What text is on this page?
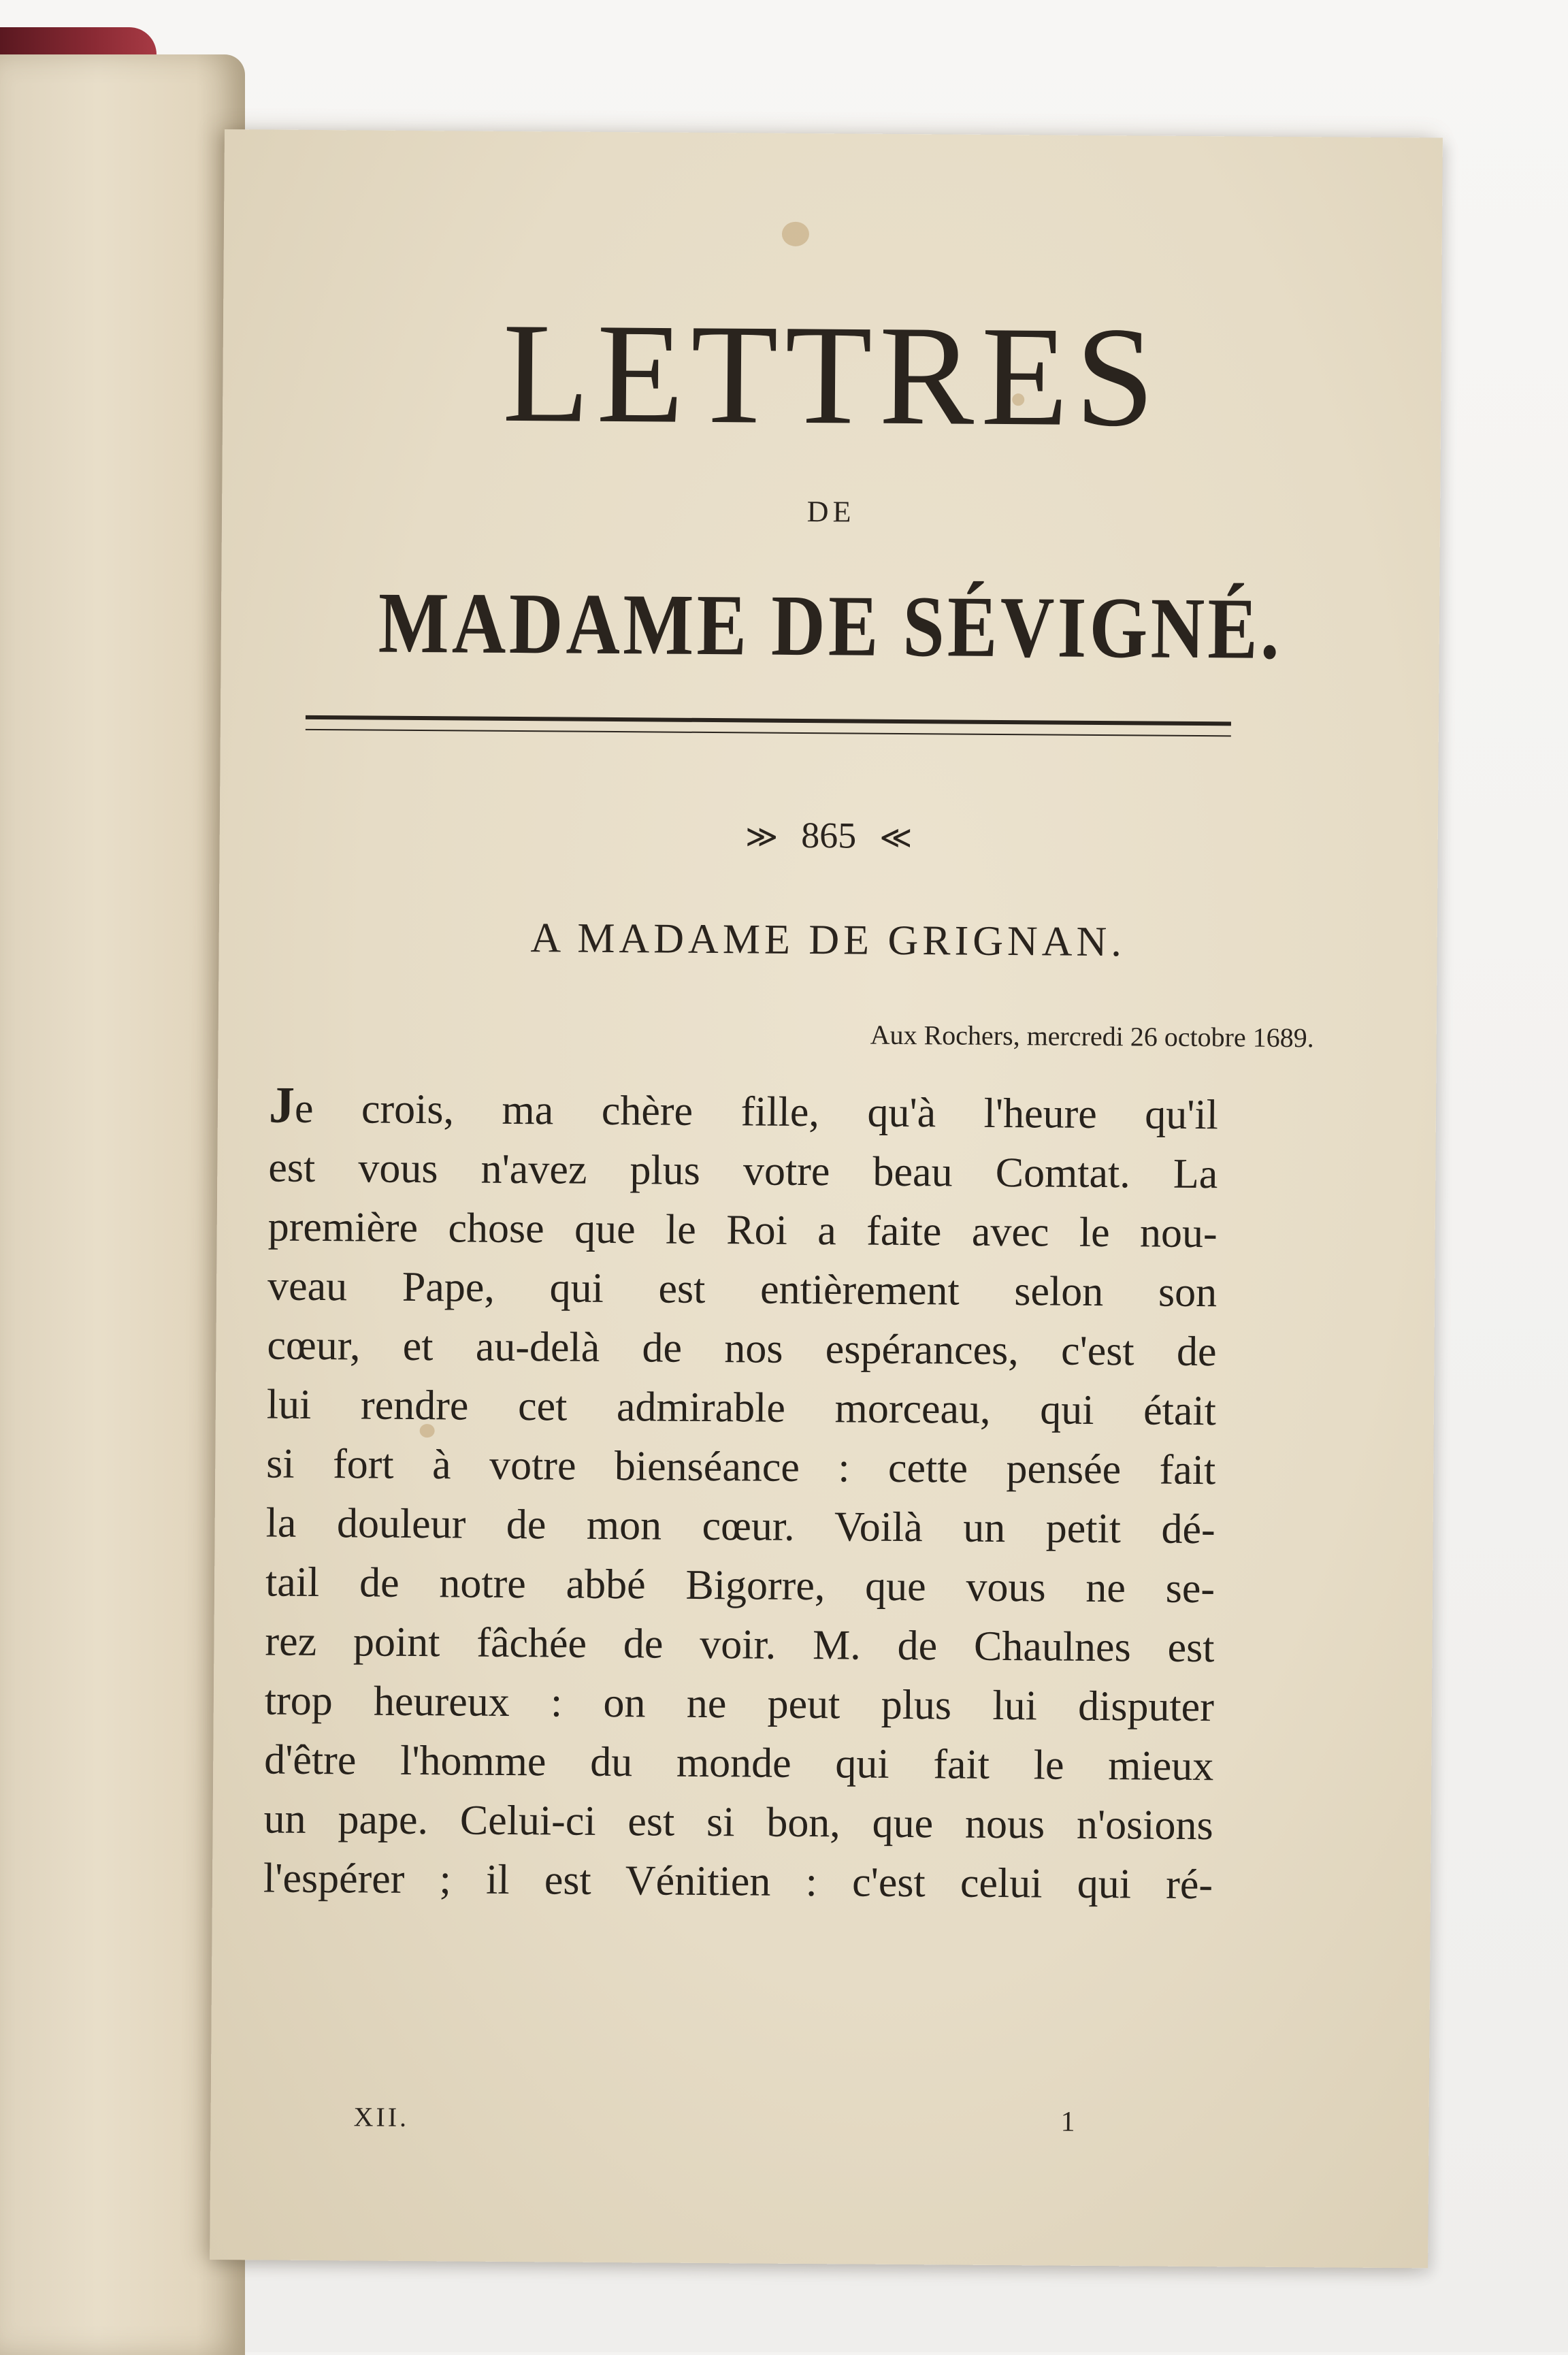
LETTRES
DE
MADAME DE SÉVIGNÉ.
≫ 865 ≪
A MADAME DE GRIGNAN.
Aux Rochers, mercredi 26 octobre 1689.
Je crois, ma chère fille, qu'à l'heure qu'il
est vous n'avez plus votre beau Comtat. La
première chose que le Roi a faite avec le nou-
veau Pape, qui est entièrement selon son
cœur, et au-delà de nos espérances, c'est de
lui rendre cet admirable morceau, qui était
si fort à votre bienséance : cette pensée fait
la douleur de mon cœur. Voilà un petit dé-
tail de notre abbé Bigorre, que vous ne se-
rez point fâchée de voir. M. de Chaulnes est
trop heureux : on ne peut plus lui disputer
d'être l'homme du monde qui fait le mieux
un pape. Celui-ci est si bon, que nous n'osions
l'espérer ; il est Vénitien : c'est celui qui ré-
XII.	1
